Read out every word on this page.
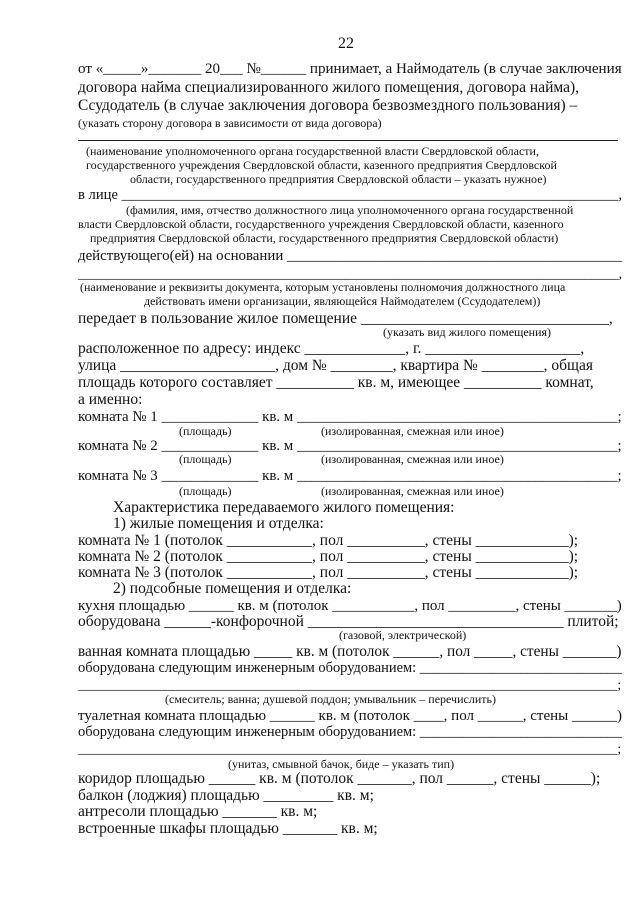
22
от «_____»_______ 20___ №______ принимает, а Наймодатель (в случае заключения
договора найма специализированного жилого помещения, договора найма),
Ссудодатель (в случае заключения договора безвозмездного пользования) –
(указать сторону договора в зависимости от вида договора)
(наименование уполномоченного органа государственной власти Свердловской области,
государственного учреждения Свердловской области, казенного предприятия Свердловской
области, государственного предприятия Свердловской области – указать нужное)
в лице ____________________________________________________________________,
(фамилия, имя, отчество должностного лица уполномоченного органа государственной
власти Свердловской области, государственного учреждения Свердловской области, казенного
предприятия Свердловской области, государственного предприятия Свердловской области)
действующего(ей) на основании _____________________________________________
_______________________________________________________________________________,
(наименование и реквизиты документа, которым установлены полномочия должностного лица
действовать имени организации, являющейся Наймодателем (Ссудодателем))
передает в пользование жилое помещение ________________________________,
(указать вид жилого помещения)
расположенное по адресу: индекс _____________, г. ____________________,
улица ____________________, дом № ________, квартира № ________, общая
площадь которого составляет __________ кв. м, имеющее __________ комнат,
а именно:
комната № 1 _____________ кв. м ___________________________________________;
(площадь)	(изолированная, смежная или иное)
комната № 2 _____________ кв. м ___________________________________________;
(площадь)	(изолированная, смежная или иное)
комната № 3 _____________ кв. м ___________________________________________;
(площадь)	(изолированная, смежная или иное)
Характеристика передаваемого жилого помещения:
1) жилые помещения и отделка:
комната № 1 (потолок ___________, пол __________, стены ____________);
комната № 2 (потолок ___________, пол __________, стены ____________);
комната № 3 (потолок ___________, пол __________, стены ____________);
2) подсобные помещения и отделка:
кухня площадью ______ кв. м (потолок ___________, пол _________, стены _______)
оборудована ______-конфорочной _________________________________ плитой;
(газовой, электрической)
ванная комната площадью _____ кв. м (потолок ______, пол _____, стены _______)
оборудована следующим инженерным оборудованием: ____________________________
_______________________________________________________________________________;
(смеситель; ванна; душевой поддон; умывальник – перечислить)
туалетная комната площадью ______ кв. м (потолок ____, пол ______, стены ______)
оборудована следующим инженерным оборудованием: ____________________________
_______________________________________________________________________________;
(унитаз, смывной бачок, биде – указать тип)
коридор площадью ______ кв. м (потолок _______, пол ______, стены ______);
балкон (лоджия) площадью _________ кв. м;
антресоли площадью _______ кв. м;
встроенные шкафы площадью _______ кв. м;
